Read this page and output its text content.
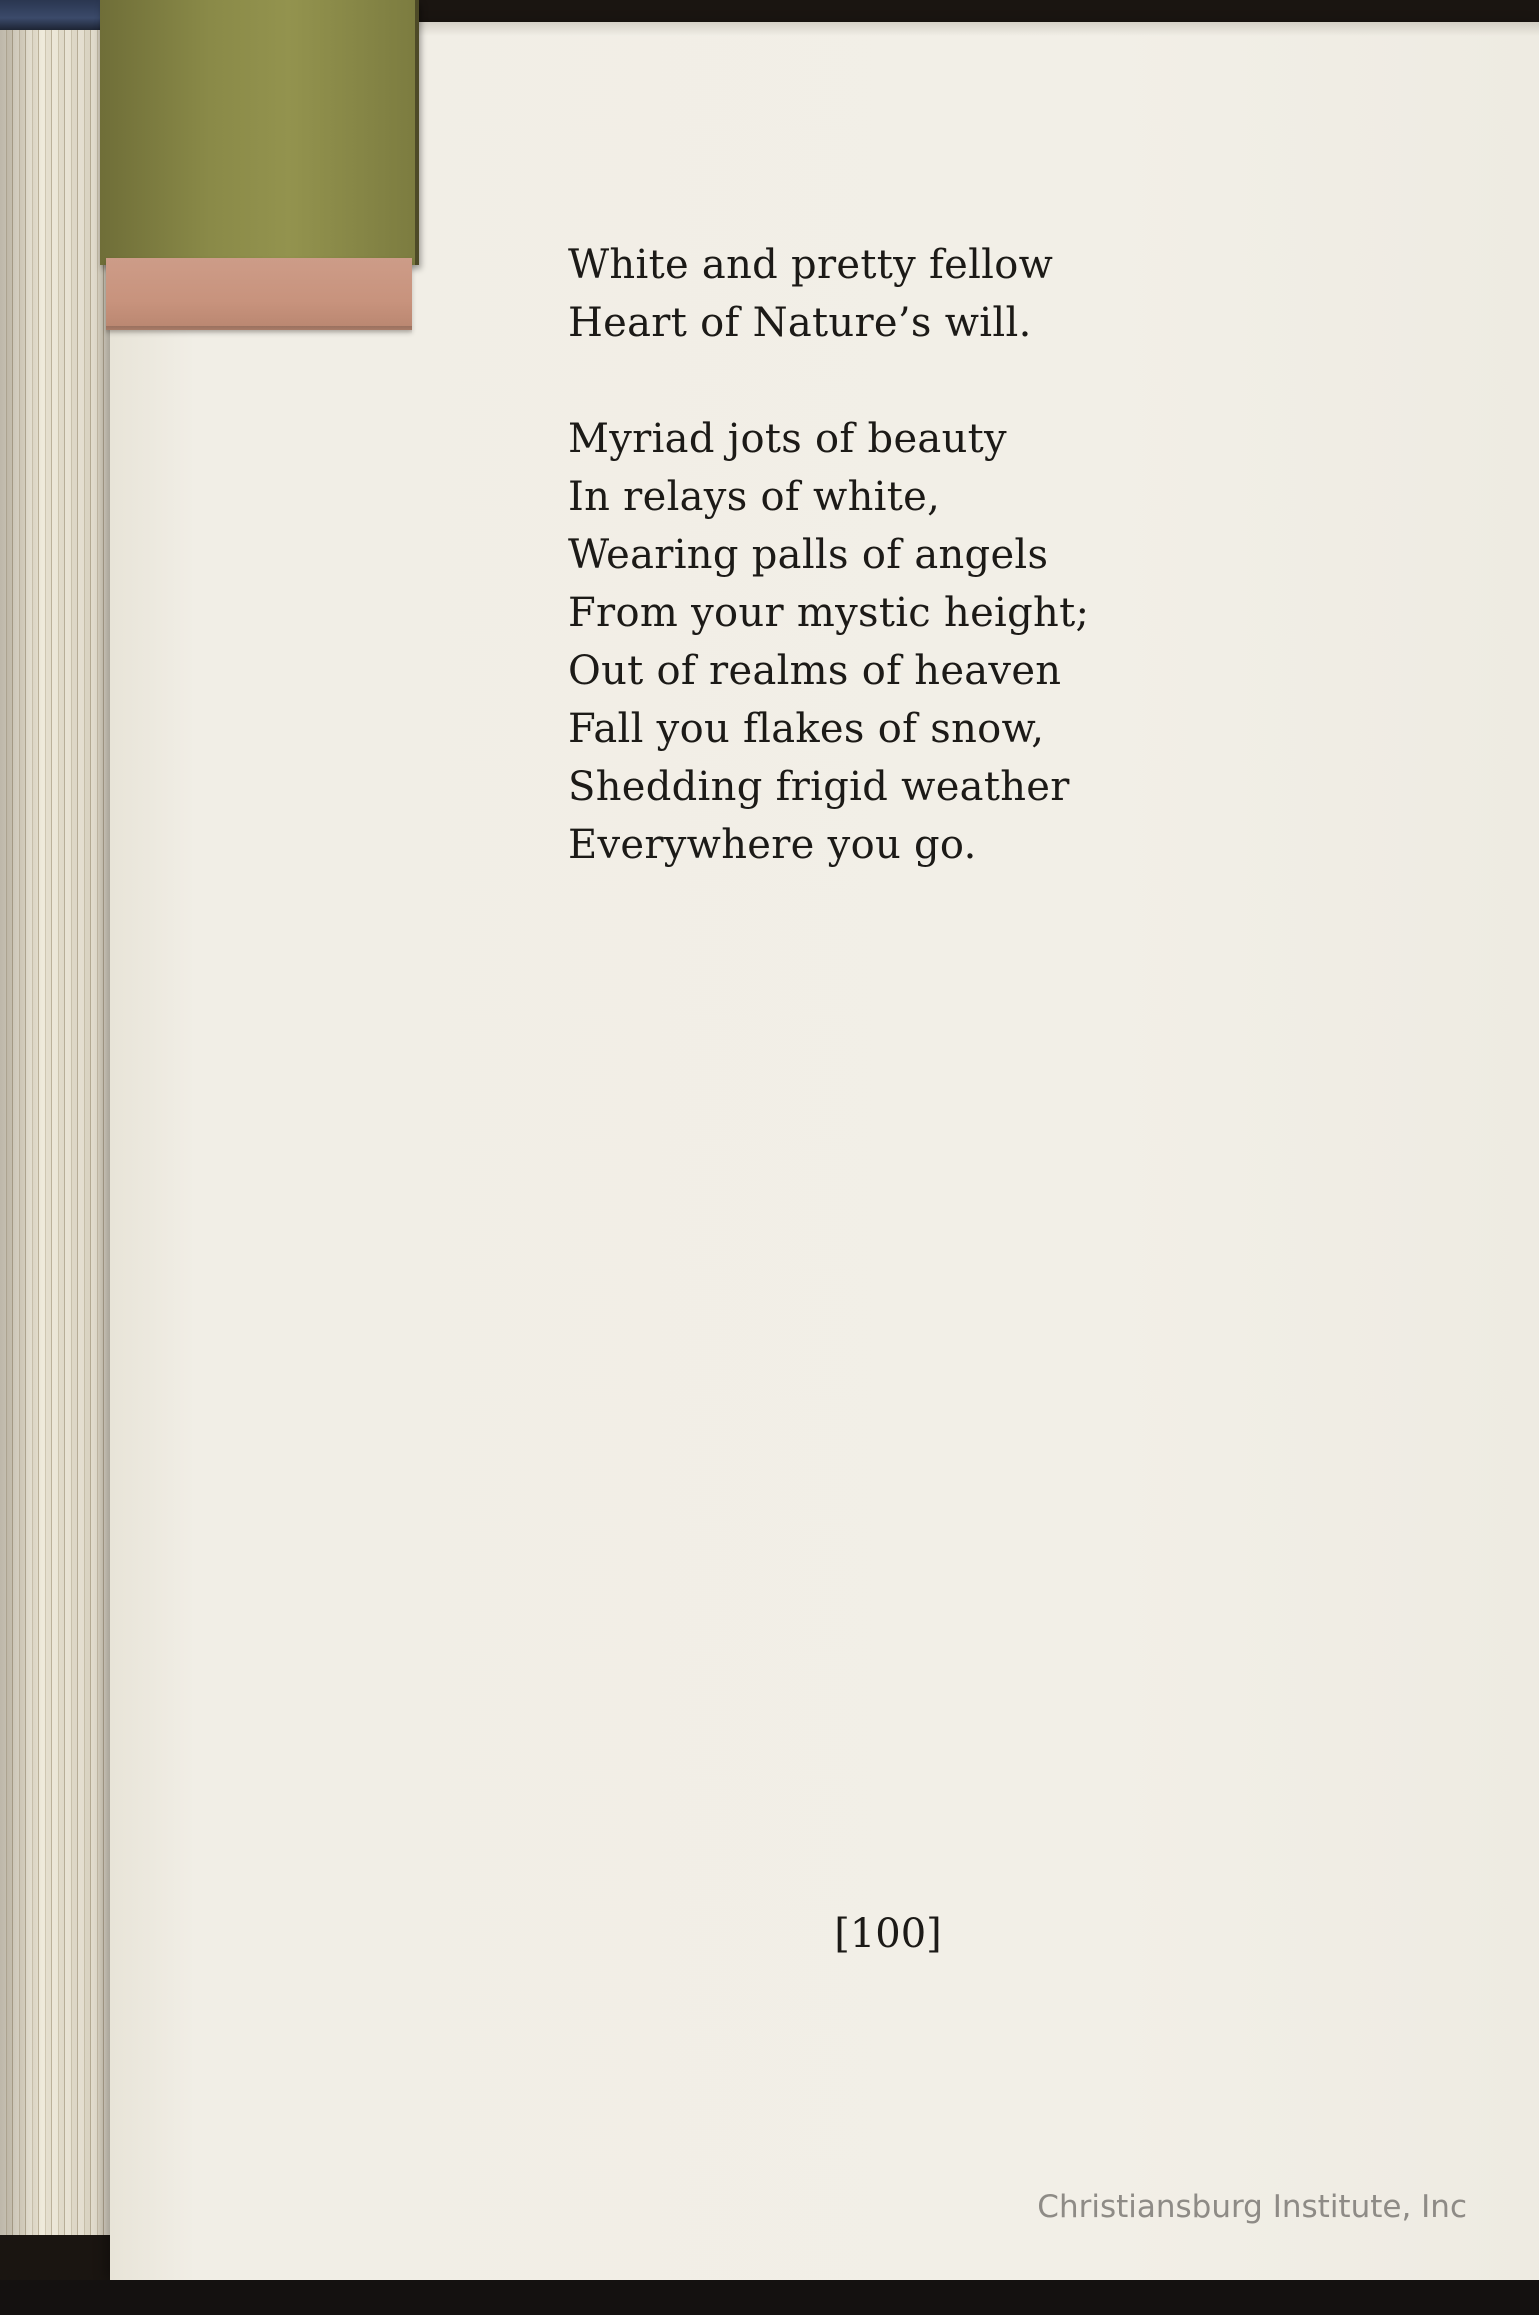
White and pretty fellow
Heart of Nature’s will.

Myriad jots of beauty
In relays of white,
Wearing palls of angels
From your mystic height;
Out of realms of heaven
Fall you flakes of snow,
Shedding frigid weather
Everywhere you go.

[100]
Christiansburg Institute, Inc
